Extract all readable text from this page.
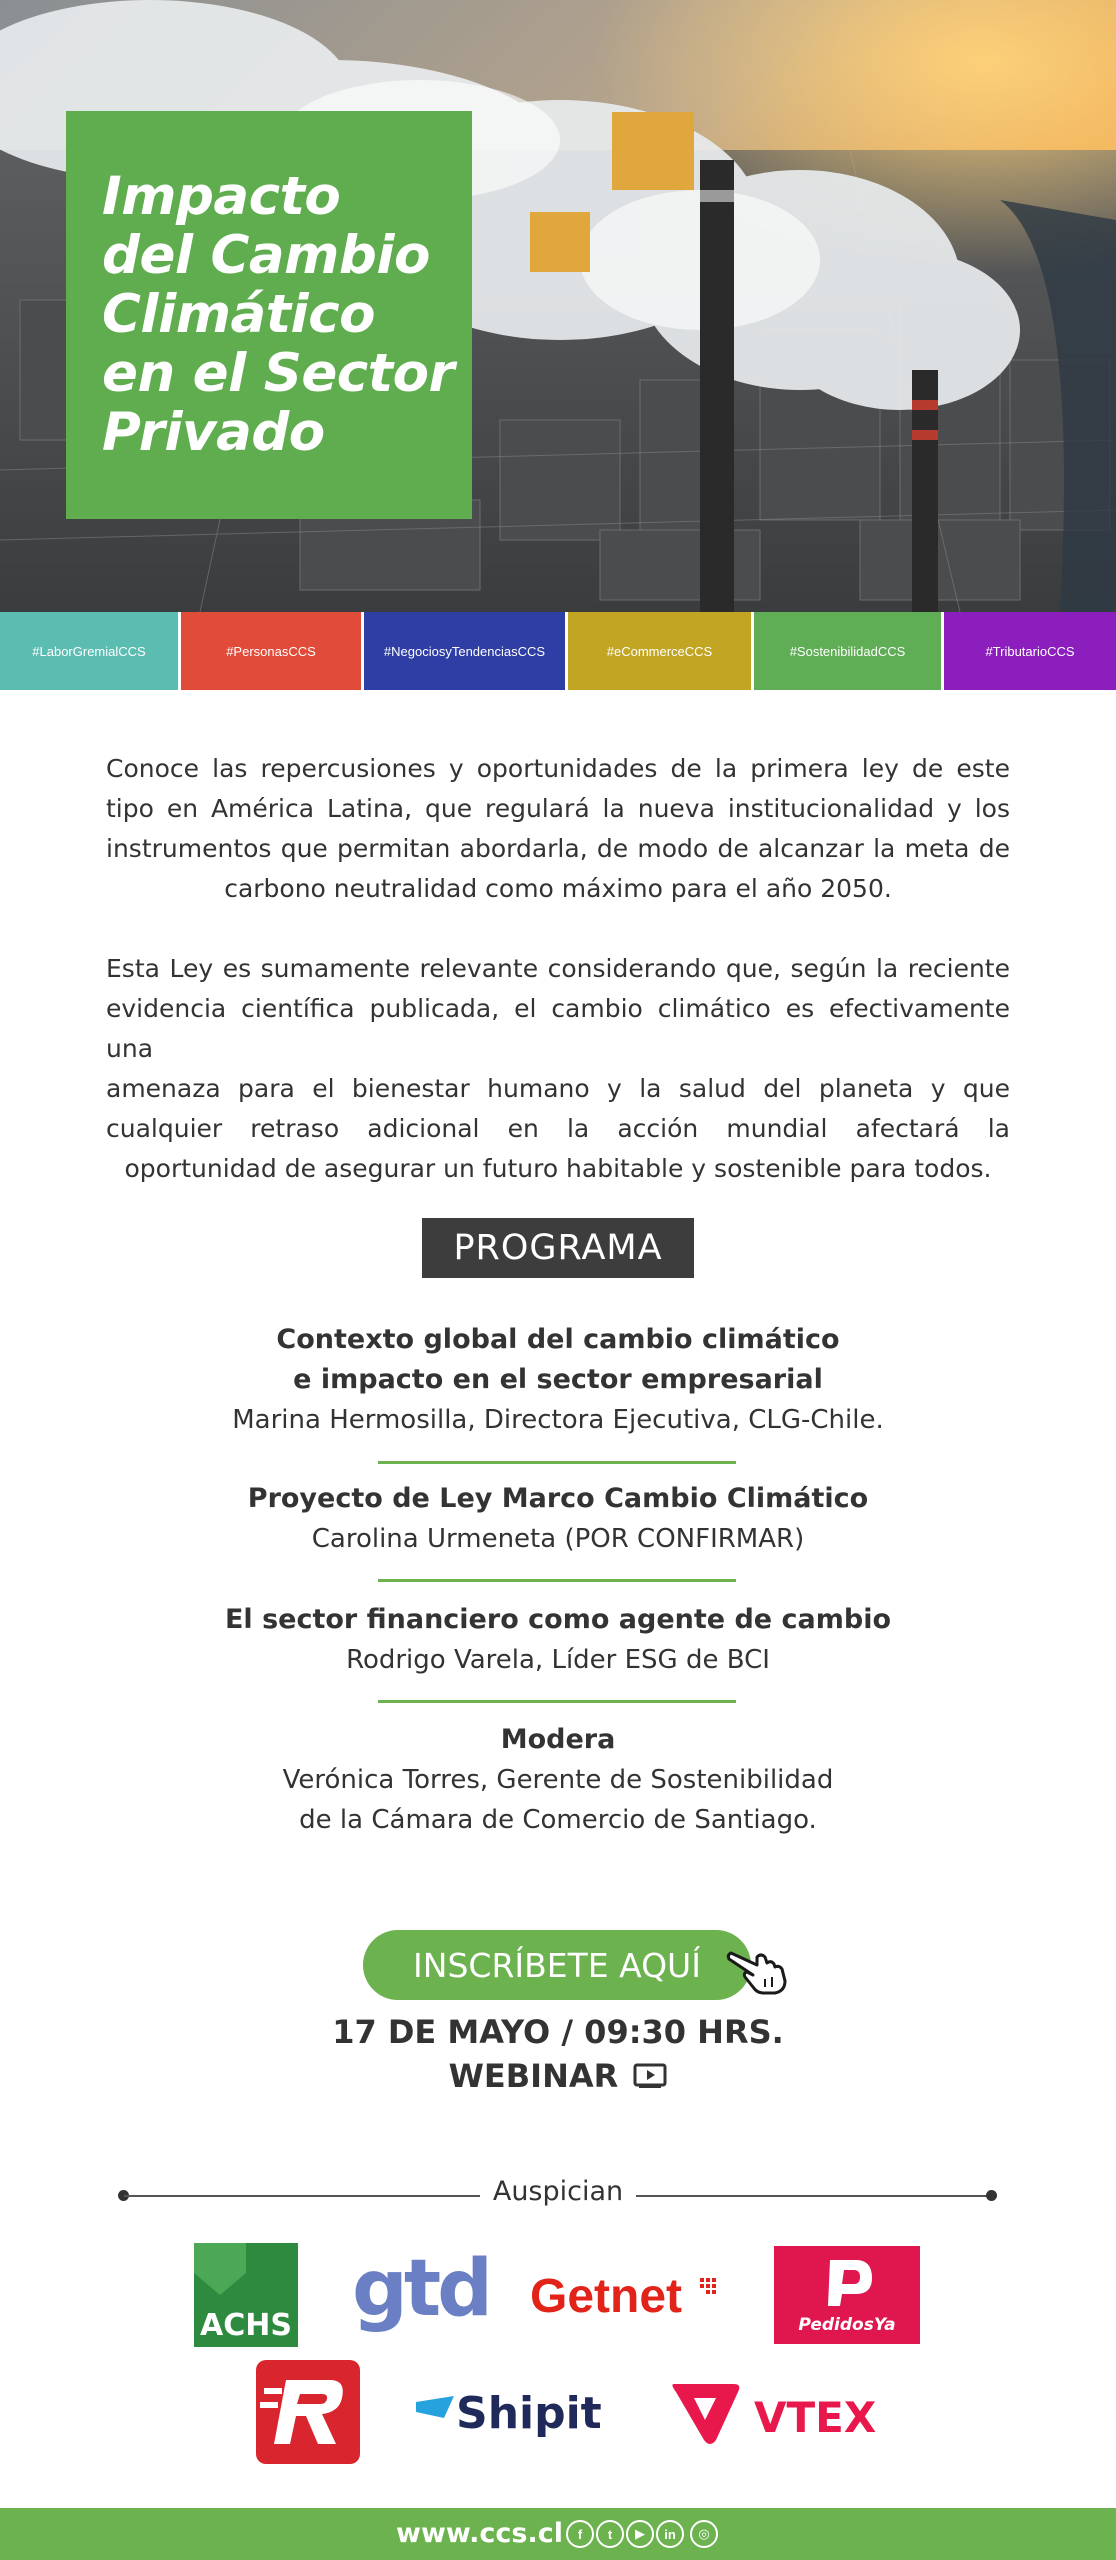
Impacto
del Cambio
Climático
en el Sector
Privado
#LaborGremialCCS	#PersonasCCS	#NegociosyTendenciasCCS	#eCommerceCCS	#SostenibilidadCCS	#TributarioCCS
Conoce las repercusiones y oportunidades de la primera ley de este
tipo en América Latina, que regulará la nueva institucionalidad y los
instrumentos que permitan abordarla, de modo de alcanzar la meta de
carbono neutralidad como máximo para el año 2050.
Esta Ley es sumamente relevante considerando que, según la reciente
evidencia científica publicada, el cambio climático es efectivamente una
amenaza para el bienestar humano y la salud del planeta y que
cualquier retraso adicional en la acción mundial afectará la
oportunidad de asegurar un futuro habitable y sostenible para todos.
PROGRAMA
Contexto global del cambio climático
e impacto en el sector empresarial
Marina Hermosilla, Directora Ejecutiva, CLG-Chile.
Proyecto de Ley Marco Cambio Climático
Carolina Urmeneta (POR CONFIRMAR)
El sector financiero como agente de cambio
Rodrigo Varela, Líder ESG de BCI
Modera
Verónica Torres, Gerente de Sostenibilidad
de la Cámara de Comercio de Santiago.
INSCRÍBETE AQUÍ
17 DE MAYO / 09:30 HRS.
WEBINAR
Auspician
ACHS gtd Getnet
PedidosYa
Shipit	VTEX
www.ccs.cl	f	t	▶	in	◎
